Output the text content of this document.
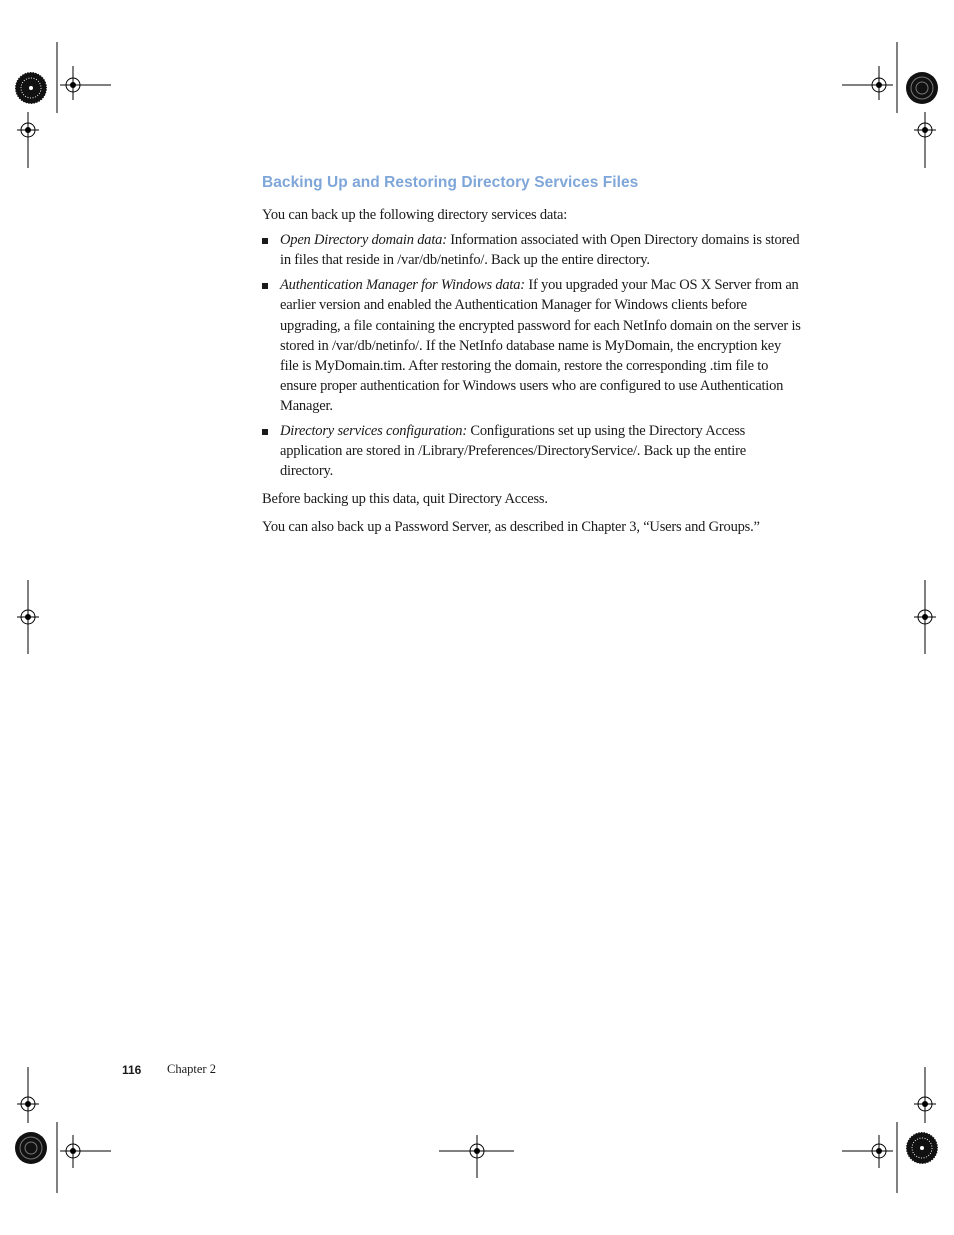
Backing Up and Restoring Directory Services Files

You can back up the following directory services data:

Open Directory domain data: Information associated with Open Directory domains is stored in files that reside in /var/db/netinfo/. Back up the entire directory.
Authentication Manager for Windows data: If you upgraded your Mac OS X Server from an earlier version and enabled the Authentication Manager for Windows clients before upgrading, a file containing the encrypted password for each NetInfo domain on the server is stored in /var/db/netinfo/. If the NetInfo database name is MyDomain, the encryption key file is MyDomain.tim. After restoring the domain, restore the corresponding .tim file to ensure proper authentication for Windows users who are configured to use Authentication Manager.
Directory services configuration: Configurations set up using the Directory Access application are stored in /Library/Preferences/DirectoryService/. Back up the entire directory.

Before backing up this data, quit Directory Access.

You can also back up a Password Server, as described in Chapter 3, “Users and Groups.”

116 Chapter 2
